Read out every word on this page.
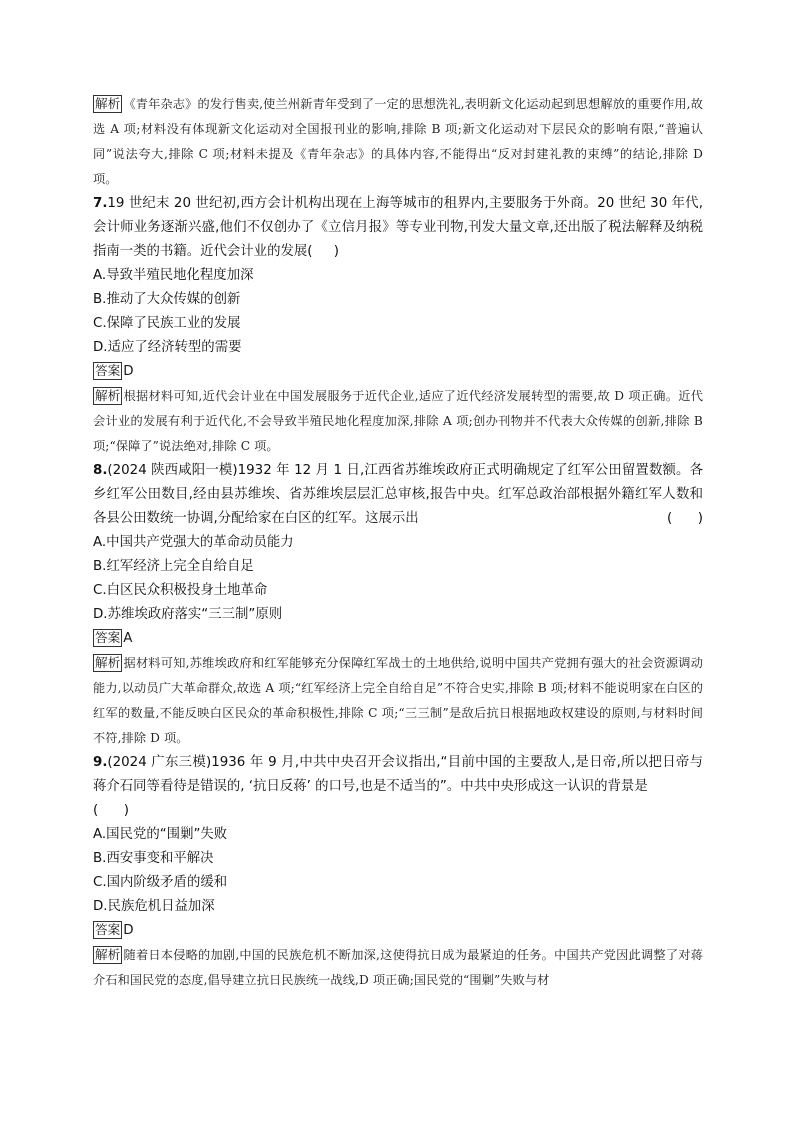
解析 《青年杂志》的发行售卖,使兰州新青年受到了一定的思想洗礼,表明新文化运动起到思想解放的重要作用,故选 A 项;材料没有体现新文化运动对全国报刊业的影响,排除 B 项;新文化运动对下层民众的影响有限,“普遍认同”说法夸大,排除 C 项;材料未提及《青年杂志》的具体内容,不能得出“反对封建礼教的束缚”的结论,排除 D 项。

7.19 世纪末 20 世纪初,西方会计机构出现在上海等城市的租界内,主要服务于外商。20 世纪 30 年代,会计师业务逐渐兴盛,他们不仅创办了《立信月报》等专业刊物,刊发大量文章,还出版了税法解释及纳税指南一类的书籍。近代会计业的发展(     )

A.导致半殖民地化程度加深

B.推动了大众传媒的创新

C.保障了民族工业的发展

D.适应了经济转型的需要

答案 D
解析 根据材料可知,近代会计业在中国发展服务于近代企业,适应了近代经济发展转型的需要,故 D 项正确。近代会计业的发展有利于近代化,不会导致半殖民地化程度加深,排除 A 项;创办刊物并不代表大众传媒的创新,排除 B 项;“保障了”说法绝对,排除 C 项。

8.(2024 陕西咸阳一模)1932 年 12 月 1 日,江西省苏维埃政府正式明确规定了红军公田留置数额。各乡红军公田数目,经由县苏维埃、省苏维埃层层汇总审核,报告中央。红军总政治部根据外籍红军人数和各县公田数统一协调,分配给家在白区的红军。这展示出	(      )

A.中国共产党强大的革命动员能力

B.红军经济上完全自给自足

C.白区民众积极投身土地革命

D.苏维埃政府落实“三三制”原则

答案 A
解析 据材料可知,苏维埃政府和红军能够充分保障红军战士的土地供给,说明中国共产党拥有强大的社会资源调动能力,以动员广大革命群众,故选 A 项;“红军经济上完全自给自足”不符合史实,排除 B 项;材料不能说明家在白区的红军的数量,不能反映白区民众的革命积极性,排除 C 项;“三三制”是敌后抗日根据地政权建设的原则,与材料时间不符,排除 D 项。

9.(2024 广东三模)1936 年 9 月,中共中央召开会议指出,“目前中国的主要敌人,是日帝,所以把日帝与蒋介石同等看待是错误的, ‘抗日反蒋’ 的口号,也是不适当的”。中共中央形成这一认识的背景是

(      )

A.国民党的“围剿”失败

B.西安事变和平解决

C.国内阶级矛盾的缓和

D.民族危机日益加深

答案 D
解析 随着日本侵略的加剧,中国的民族危机不断加深,这使得抗日成为最紧迫的任务。中国共产党因此调整了对蒋介石和国民党的态度,倡导建立抗日民族统一战线,D 项正确;国民党的“围剿”失败与材
